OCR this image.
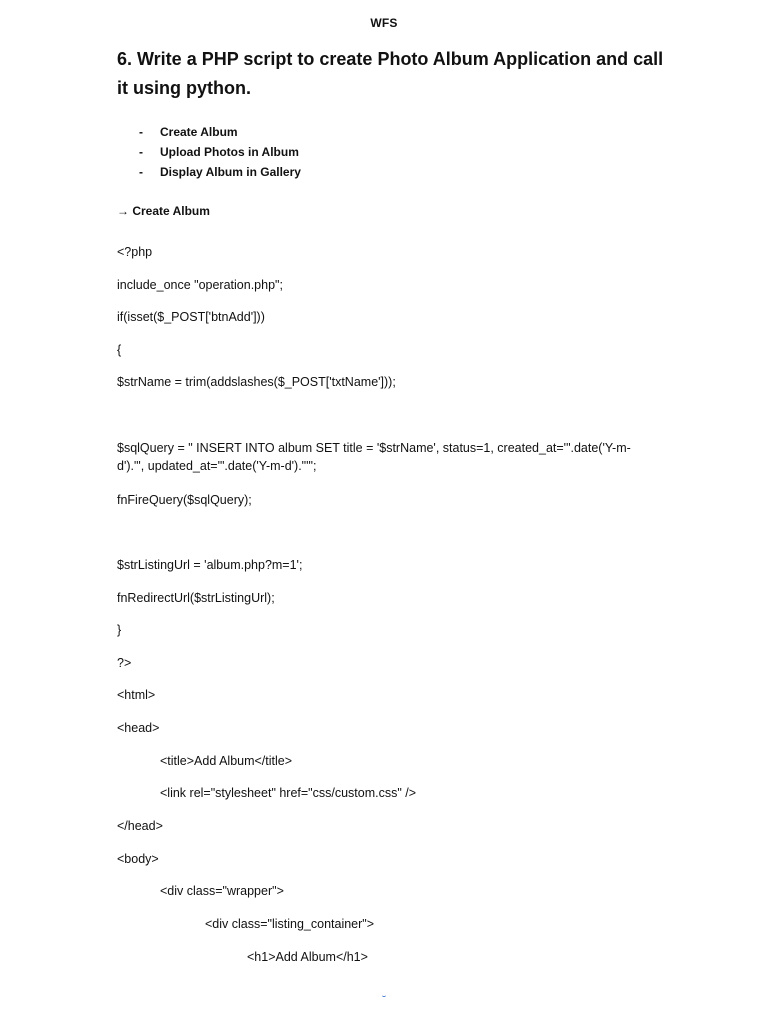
WFS
6. Write a PHP script to create Photo Album Application and call it using python.
-	Create Album
-	Upload Photos in Album
-	Display Album in Gallery
→ Create Album
<?php
include_once "operation.php";
if(isset($_POST['btnAdd']))
{
$strName = trim(addslashes($_POST['txtName']));
$sqlQuery = " INSERT INTO album SET title = '$strName', status=1, created_at='".date('Y-m-d')."', updated_at='".date('Y-m-d')."'";
fnFireQuery($sqlQuery);
$strListingUrl = 'album.php?m=1';
fnRedirectUrl($strListingUrl);
}
?>
<html>
<head>
<title>Add Album</title>
<link rel="stylesheet" href="css/custom.css" />
</head>
<body>
<div class="wrapper">
<div class="listing_container">
<h1>Add Album</h1>
